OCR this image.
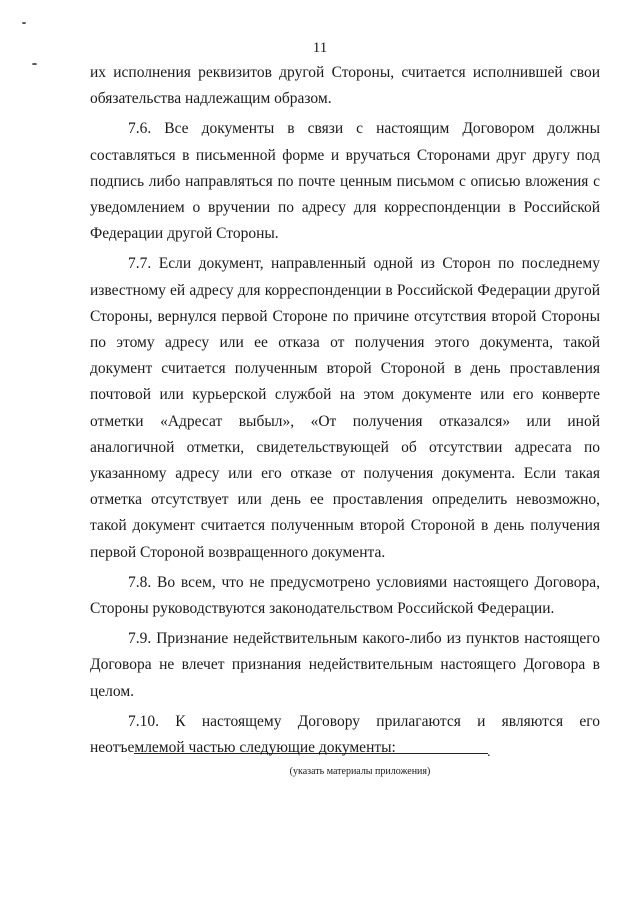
11

их исполнения реквизитов другой Стороны, считается исполнившей свои обязательства надлежащим образом.

7.6. Все документы в связи с настоящим Договором должны составляться в письменной форме и вручаться Сторонами друг другу под подпись либо направляться по почте ценным письмом с описью вложения с уведомлением о вручении по адресу для корреспонденции в Российской Федерации другой Стороны.

7.7. Если документ, направленный одной из Сторон по последнему известному ей адресу для корреспонденции в Российской Федерации другой Стороны, вернулся первой Стороне по причине отсутствия второй Стороны по этому адресу или ее отказа от получения этого документа, такой документ считается полученным второй Стороной в день проставления почтовой или курьерской службой на этом документе или его конверте отметки «Адресат выбыл», «От получения отказался» или иной аналогичной отметки, свидетельствующей об отсутствии адресата по указанному адресу или его отказе от получения документа. Если такая отметка отсутствует или день ее проставления определить невозможно, такой документ считается полученным второй Стороной в день получения первой Стороной возвращенного документа.

7.8. Во всем, что не предусмотрено условиями настоящего Договора, Стороны руководствуются законодательством Российской Федерации.

7.9. Признание недействительным какого-либо из пунктов настоящего Договора не влечет признания недействительным настоящего Договора в целом.

7.10. К настоящему Договору прилагаются и являются его неотъемлемой частью следующие документы:	.
(указать материалы приложения)
